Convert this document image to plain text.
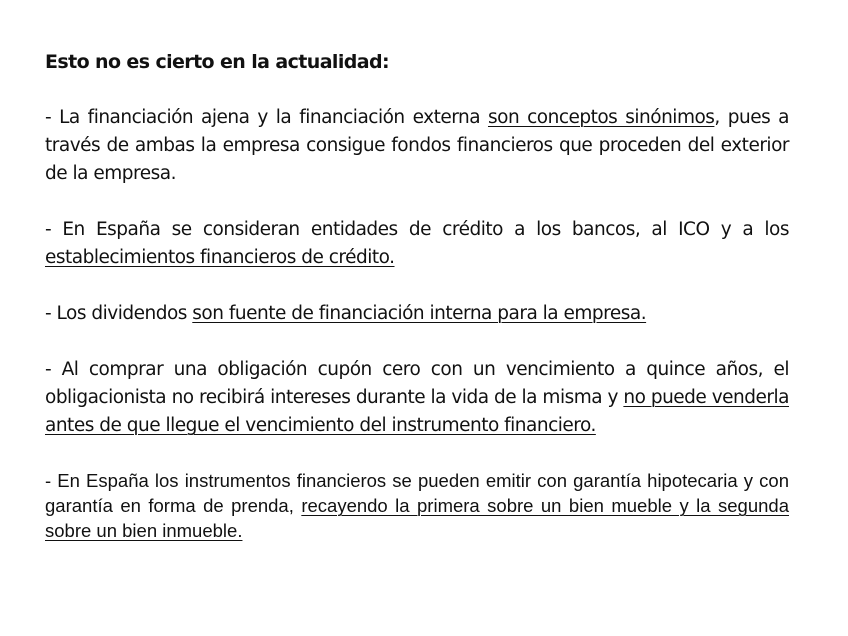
Esto no es cierto en la actualidad:

- La financiación ajena y la financiación externa son conceptos sinónimos, pues a través de ambas la empresa consigue fondos financieros que proceden del exterior de la empresa.

- En España se consideran entidades de crédito a los bancos, al ICO y a los establecimientos financieros de crédito.

- Los dividendos son fuente de financiación interna para la empresa.

- Al comprar una obligación cupón cero con un vencimiento a quince años, el obligacionista no recibirá intereses durante la vida de la misma y no puede venderla antes de que llegue el vencimiento del instrumento financiero.

- En España los instrumentos financieros se pueden emitir con garantía hipotecaria y con garantía en forma de prenda, recayendo la primera sobre un bien mueble y la segunda sobre un bien inmueble.
